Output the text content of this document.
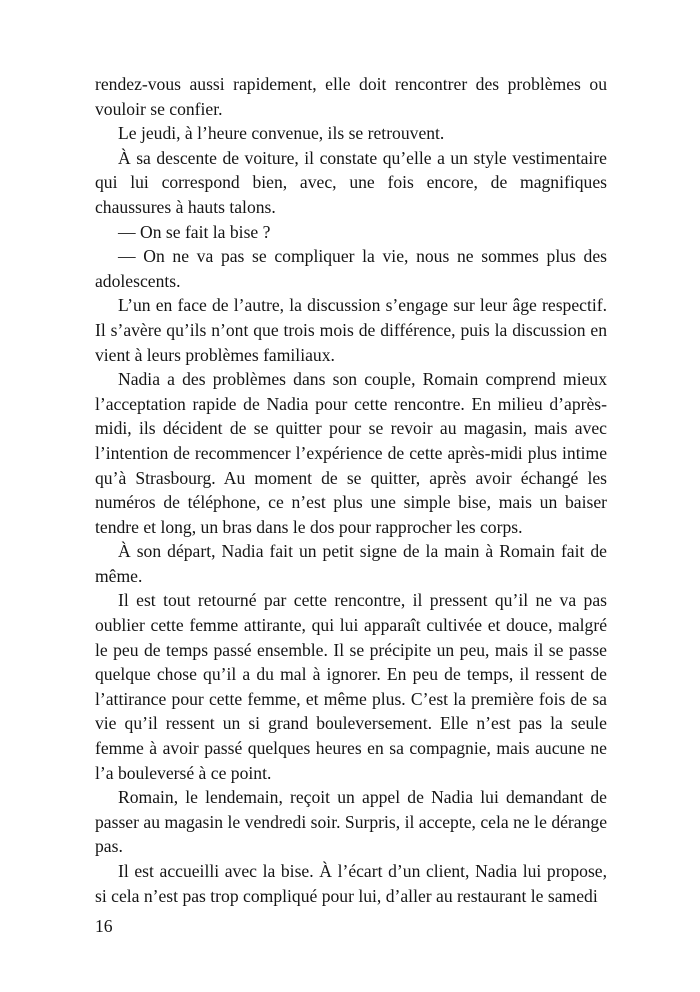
rendez-vous aussi rapidement, elle doit rencontrer des problèmes ou vouloir se confier.

Le jeudi, à l’heure convenue, ils se retrouvent.

À sa descente de voiture, il constate qu’elle a un style vestimentaire qui lui correspond bien, avec, une fois encore, de magnifiques chaussures à hauts talons.

— On se fait la bise ?

— On ne va pas se compliquer la vie, nous ne sommes plus des adolescents.

L’un en face de l’autre, la discussion s’engage sur leur âge respectif. Il s’avère qu’ils n’ont que trois mois de différence, puis la discussion en vient à leurs problèmes familiaux.

Nadia a des problèmes dans son couple, Romain comprend mieux l’acceptation rapide de Nadia pour cette rencontre. En milieu d’après-midi, ils décident de se quitter pour se revoir au magasin, mais avec l’intention de recommencer l’expérience de cette après-midi plus intime qu’à Strasbourg. Au moment de se quitter, après avoir échangé les numéros de téléphone, ce n’est plus une simple bise, mais un baiser tendre et long, un bras dans le dos pour rapprocher les corps.

À son départ, Nadia fait un petit signe de la main à Romain fait de même.

Il est tout retourné par cette rencontre, il pressent qu’il ne va pas oublier cette femme attirante, qui lui apparaît cultivée et douce, malgré le peu de temps passé ensemble. Il se précipite un peu, mais il se passe quelque chose qu’il a du mal à ignorer. En peu de temps, il ressent de l’attirance pour cette femme, et même plus. C’est la première fois de sa vie qu’il ressent un si grand bouleversement. Elle n’est pas la seule femme à avoir passé quelques heures en sa compagnie, mais aucune ne l’a bouleversé à ce point.

Romain, le lendemain, reçoit un appel de Nadia lui demandant de passer au magasin le vendredi soir. Surpris, il accepte, cela ne le dérange pas.

Il est accueilli avec la bise. À l’écart d’un client, Nadia lui propose, si cela n’est pas trop compliqué pour lui, d’aller au restaurant le samedi

16
